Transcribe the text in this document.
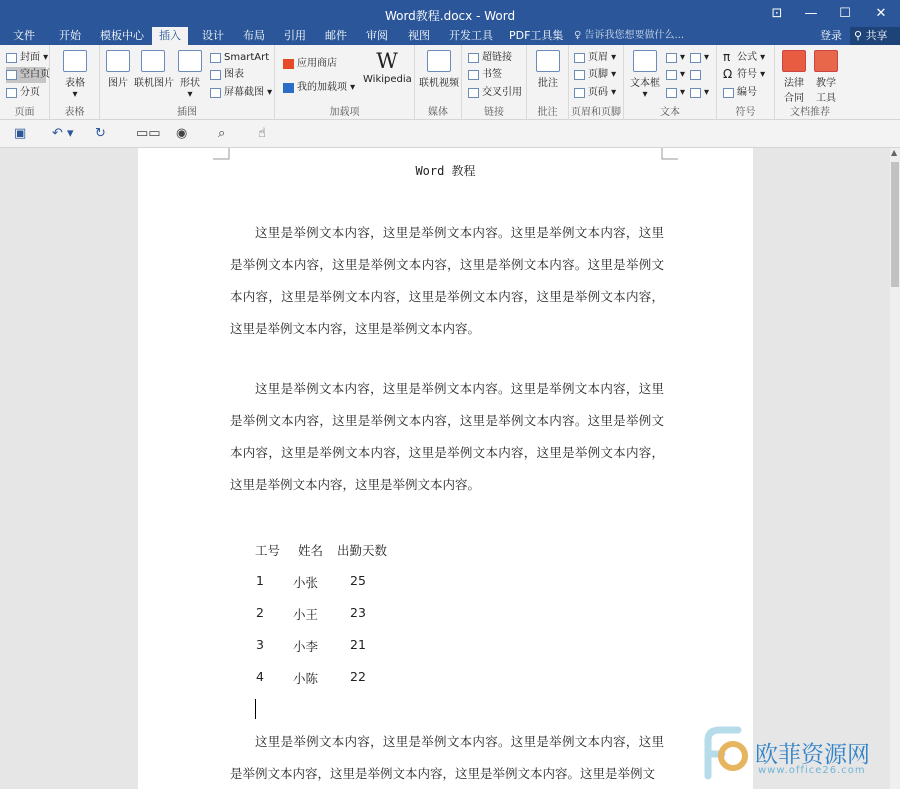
Word教程.docx - Word	⊡	—	☐	✕
文件	开始	模板中心	插入	设计	布局	引用	邮件	审阅	视图	开发工具	PDF工具集	♀ 告诉我您想要做什么...	登录	⚲ 共享
封面 ▾
空白页
分页
页面
表格
▾
表格
图片 联机图片 形状
▾
SmartArt
图表
屏幕截图 ▾
插图
应用商店
我的加载项 ▾
W
Wikipedia
加载项
联机视频
媒体
超链接
书签
交叉引用
链接
批注
批注
页眉 ▾
页脚 ▾
页码 ▾
页眉和页脚
文本框
▾
▾
▾
▾
▾
▾
文本
π 公式 ▾
Ω 符号 ▾
编号
符号
法律合同
教学工具
文档推荐
▣ ↶ ▾ ↻ ▭▭ ◉ ⌕	☝
Word 教程
这里是举例文本内容，这里是举例文本内容。这里是举例文本内容，这里是举例文本内容，这里是举例文本内容，这里是举例文本内容。这里是举例文本内容，这里是举例文本内容，这里是举例文本内容，这里是举例文本内容，这里是举例文本内容，这里是举例文本内容。
这里是举例文本内容，这里是举例文本内容。这里是举例文本内容，这里是举例文本内容，这里是举例文本内容，这里是举例文本内容。这里是举例文本内容，这里是举例文本内容，这里是举例文本内容，这里是举例文本内容，这里是举例文本内容，这里是举例文本内容。
工号 姓名 出勤天数
1 小张	25
2 小王	23
3 小李	21
4 小陈	22
这里是举例文本内容，这里是举例文本内容。这里是举例文本内容，这里是举例文本内容，这里是举例文本内容，这里是举例文本内容。这里是举例文
▲
欧菲资源网
www.office26.com
